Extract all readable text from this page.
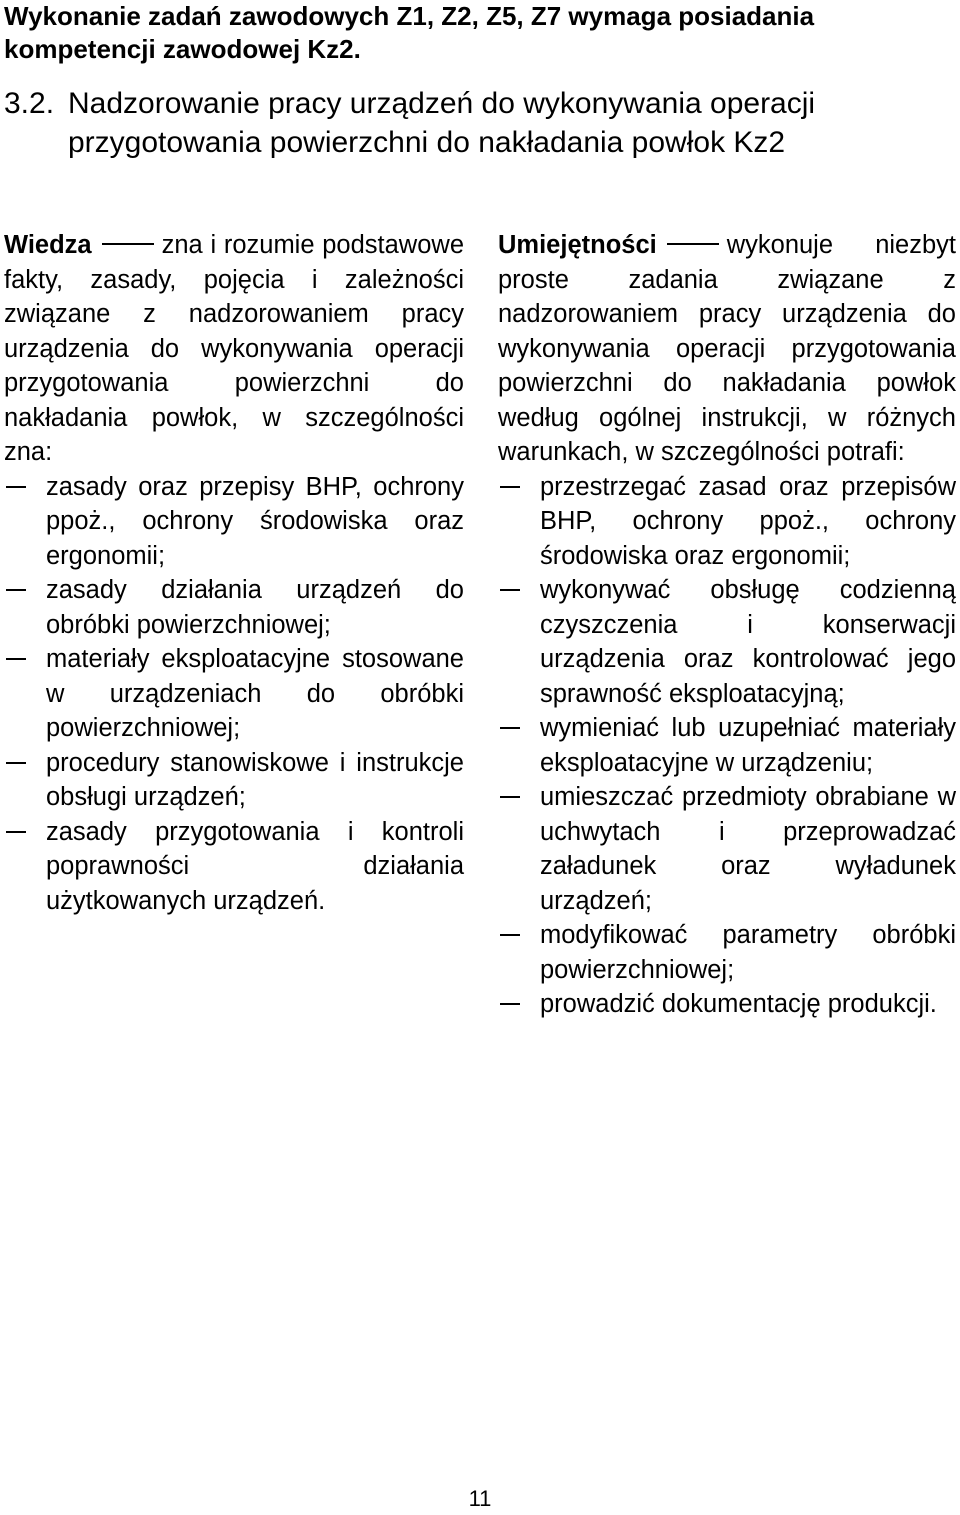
Wykonanie zadań zawodowych Z1, Z2, Z5, Z7 wymaga posiadania kompetencji zawodowej Kz2.
3.2. Nadzorowanie pracy urządzeń do wykonywania operacji przygotowania powierzchni do nakładania powłok Kz2

Wiedza	zna i rozumie podstawowe fakty, zasady, pojęcia i zależności związane z nadzorowaniem pracy urządzenia do wykonywania operacji przygotowania powierzchni do nakładania powłok, w szczególności zna:

zasady oraz przepisy BHP, ochrony ppoż., ochrony środowiska oraz ergonomii;
zasady działania urządzeń do obróbki powierzchniowej;
materiały eksploatacyjne stosowane w urządzeniach do obróbki powierzchniowej;
procedury stanowiskowe i instrukcje obsługi urządzeń;
zasady przygotowania i kontroli poprawności działania użytkowanych urządzeń.

Umiejętności	wykonuje niezbyt proste zadania związane z nadzorowaniem pracy urządzenia do wykonywania operacji przygotowania powierzchni do nakładania powłok według ogólnej instrukcji, w różnych warunkach, w szczególności potrafi:

przestrzegać zasad oraz przepisów BHP, ochrony ppoż., ochrony środowiska oraz ergonomii;
wykonywać obsługę codzienną czyszczenia i konserwacji urządzenia oraz kontrolować jego sprawność eksploatacyjną;
wymieniać lub uzupełniać materiały eksploatacyjne w urządzeniu;
umieszczać przedmioty obrabiane w uchwytach i przeprowadzać załadunek oraz wyładunek urządzeń;
modyfikować parametry obróbki powierzchniowej;
prowadzić dokumentację produkcji.
11
